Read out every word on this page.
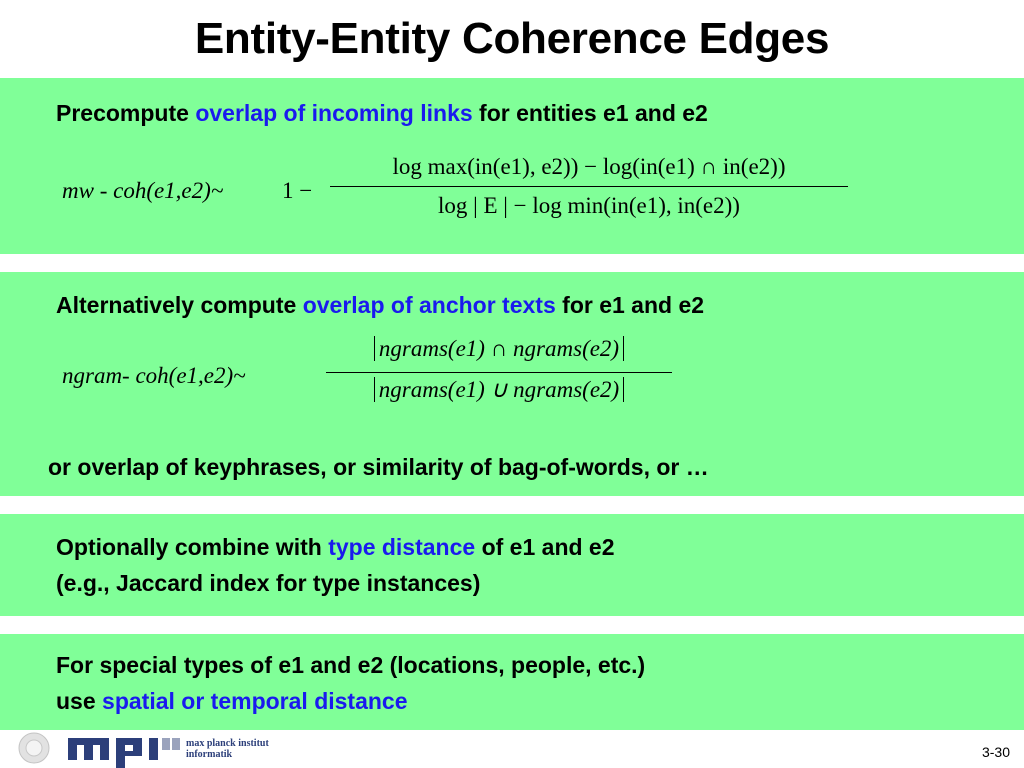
Entity-Entity Coherence Edges
Precompute overlap of incoming links for entities e1 and e2
mw - coh(e1,e2)~	1 −
log max(in(e1), e2)) − log(in(e1) ∩ in(e2))
log | E | − log min(in(e1), in(e2))
Alternatively compute overlap of anchor texts for e1 and e2
ngram- coh(e1,e2)~
ngrams(e1) ∩ ngrams(e2)
ngrams(e1) ∪ ngrams(e2)
or overlap of keyphrases, or similarity of bag-of-words, or …
Optionally combine with type distance of e1 and e2
(e.g., Jaccard index for type instances)
For special types of e1 and e2 (locations, people, etc.)
use spatial or temporal distance
max planck institut
informatik	3-30
